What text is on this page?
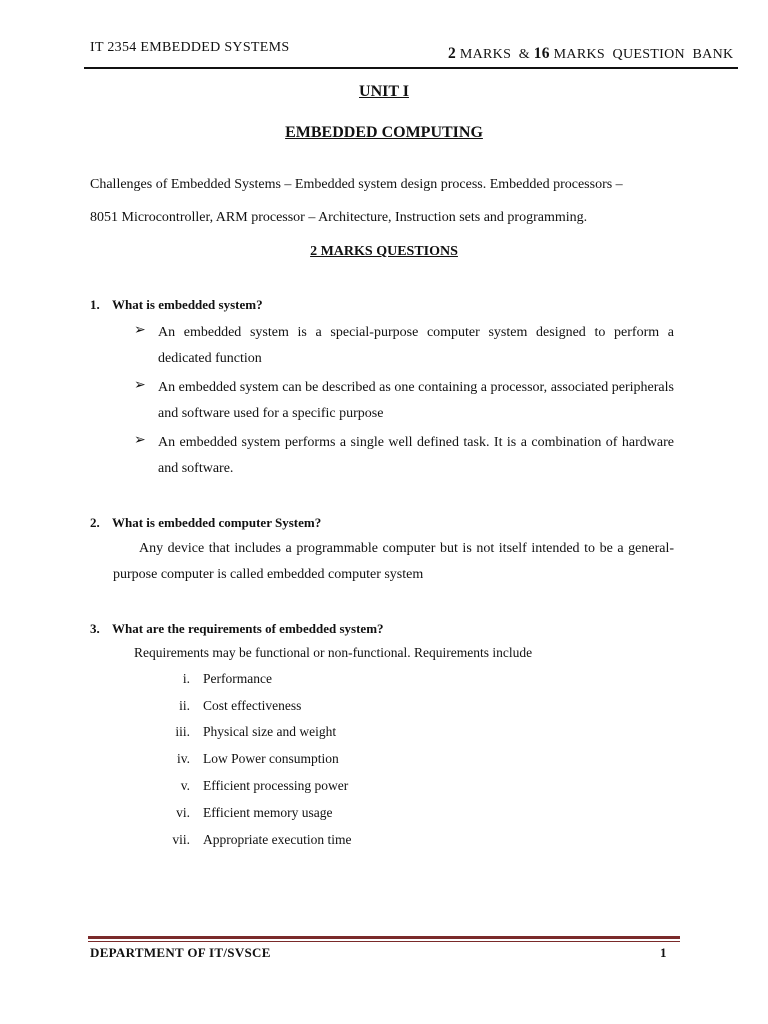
IT 2354 EMBEDDED SYSTEMS	2 MARKS  & 16 MARKS  QUESTION  BANK
UNIT I
EMBEDDED COMPUTING
Challenges of Embedded Systems – Embedded system design process. Embedded processors –
8051 Microcontroller, ARM processor – Architecture, Instruction sets and programming.
2 MARKS QUESTIONS
1. What is embedded system?
➢ An embedded system is a special-purpose computer system designed to perform a dedicated function
➢ An embedded system can be described as one containing a processor, associated peripherals and software used for a specific purpose
➢ An embedded system performs a single well defined task. It is a combination of hardware and software.
2. What is embedded computer System?
Any device that includes a programmable computer but is not itself intended to be a general-purpose computer is called embedded computer system
3. What are the requirements of embedded system?
Requirements may be functional or non-functional. Requirements include
i. Performance
ii. Cost effectiveness
iii. Physical size and weight
iv. Low Power consumption
v. Efficient processing power
vi. Efficient memory usage
vii. Appropriate execution time
DEPARTMENT OF IT/SVSCE	1
